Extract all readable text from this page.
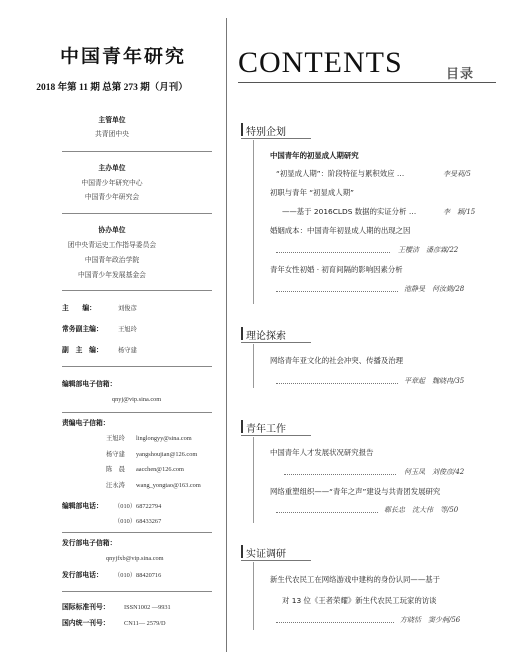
中国青年研究
2018 年第 11 期 总第 273 期（月刊）
主管单位
共青团中央
主办单位
中国青少年研究中心
中国青少年研究会
协办单位
团中央青运史工作指导委员会
中国青年政治学院
中国青少年发展基金会
主　　编：	刘俊彦
常务副主编： 王旭玲
副　主　编： 杨守建
编辑部电子信箱：
qnyj@vip.sina.com
责编电子信箱：
王旭玲 linglongyy@sina.com
杨守建 yangshoujian@126.com
陈　晨 aacchen@126.com
汪永涛 wang_yongtao@163.com
编辑部电话： （010）68722794
（010）68433267
发行部电子信箱：
qnyjfxb@vip.sina.com
发行部电话： （010）88420716
国际标准刊号： ISSN1002 —9931
国内统一刊号： CN11— 2579/D
CONTENTS	目录
特别企划
中国青年的初显成人期研究
“初显成人期”：阶段特征与累积效应 …	李旻莉/5
初职与青年 “初显成人期”
——基于 2016CLDS 数据的实证分析 …	李　颖/15
婚姻成本：中国青年初显成人期的出现之因
王樱洁　潘彦霖/22
青年女性初婚 · 初育间隔的影响因素分析
池静旻　何汝勤/28
理论探索
网络青年亚文化的社会冲突、传播及治理
平章起　魏晓冉/35
青年工作
中国青年人才发展状况研究报告
何玉凤　刘俊彦/42
网络重塑组织——“青年之声”建设与共青团发展研究
郗长忠　沈大伟　等/50
实证调研
新生代农民工在网络游戏中建构的身份认同——基于
对 13 位《王者荣耀》新生代农民工玩家的访谈
方晓恬　窦少舸/56
